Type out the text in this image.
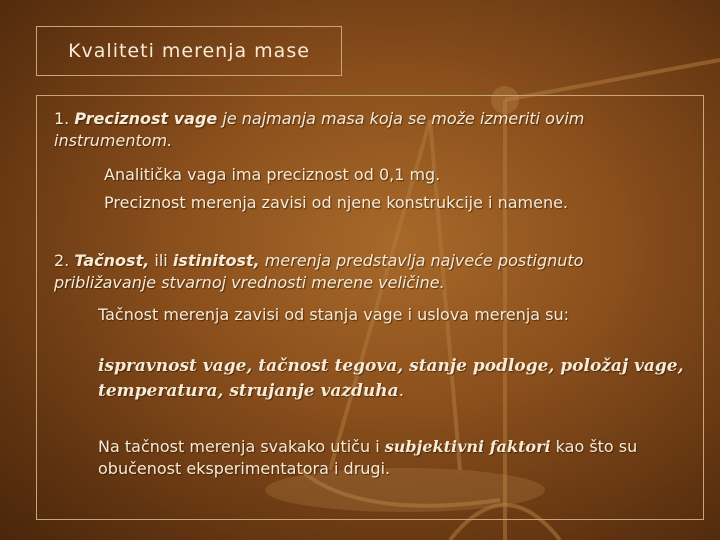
Kvaliteti merenja mase
1. Preciznost vage je najmanja masa koja se može izmeriti ovim instrumentom.
Analitička vaga ima preciznost od 0,1 mg.
Preciznost merenja zavisi od njene konstrukcije i namene.
2. Tačnost, ili istinitost, merenja predstavlja najveće postignuto približavanje stvarnoj vrednosti merene veličine.
Tačnost merenja zavisi od stanja vage i uslova merenja su:
ispravnost vage, tačnost tegova, stanje podloge, položaj vage, temperatura, strujanje vazduha.
Na tačnost merenja svakako utiču i subjektivni faktori kao što su obučenost eksperimentatora i drugi.
